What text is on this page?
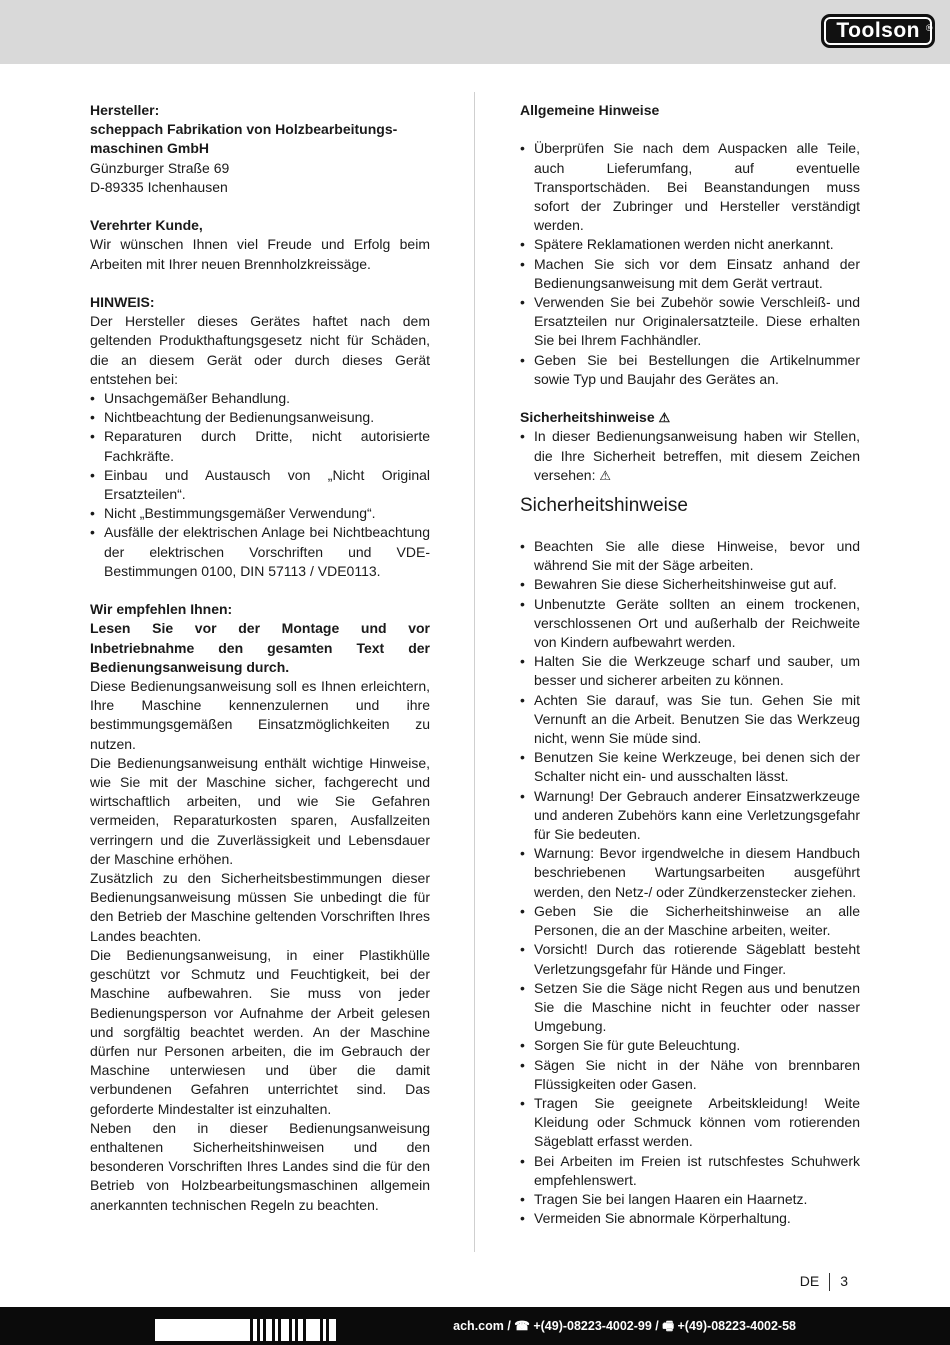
Toolson ®

Hersteller:

scheppach Fabrikation von Holzbearbeitungs-maschinen GmbH

Günzburger Straße 69

D-89335 Ichenhausen

Verehrter Kunde,

Wir wünschen Ihnen viel Freude und Erfolg beim Arbeiten mit Ihrer neuen Brennholzkreissäge.

HINWEIS:

Der Hersteller dieses Gerätes haftet nach dem geltenden Produkthaftungsgesetz nicht für Schäden, die an diesem Gerät oder durch dieses Gerät entstehen bei:

• Unsachgemäßer Behandlung.
• Nichtbeachtung der Bedienungsanweisung.
• Reparaturen durch Dritte, nicht autorisierte Fachkräfte.
• Einbau und Austausch von „Nicht Original Ersatzteilen“.
• Nicht „Bestimmungsgemäßer Verwendung“.
• Ausfälle der elektrischen Anlage bei Nichtbeachtung der elektrischen Vorschriften und VDE-Bestimmungen 0100, DIN 57113 / VDE0113.

Wir empfehlen Ihnen:

Lesen Sie vor der Montage und vor Inbetriebnahme den gesamten Text der Bedienungsanweisung durch.

Diese Bedienungsanweisung soll es Ihnen erleichtern, Ihre Maschine kennenzulernen und ihre bestimmungsgemäßen Einsatzmöglichkeiten zu nutzen.

Die Bedienungsanweisung enthält wichtige Hinweise, wie Sie mit der Maschine sicher, fachgerecht und wirtschaftlich arbeiten, und wie Sie Gefahren vermeiden, Reparaturkosten sparen, Ausfallzeiten verringern und die Zuverlässigkeit und Lebensdauer der Maschine erhöhen.

Zusätzlich zu den Sicherheitsbestimmungen dieser Bedienungsanweisung müssen Sie unbedingt die für den Betrieb der Maschine geltenden Vorschriften Ihres Landes beachten.

Die Bedienungsanweisung, in einer Plastikhülle geschützt vor Schmutz und Feuchtigkeit, bei der Maschine aufbewahren. Sie muss von jeder Bedienungsperson vor Aufnahme der Arbeit gelesen und sorgfältig beachtet werden. An der Maschine dürfen nur Personen arbeiten, die im Gebrauch der Maschine unterwiesen und über die damit verbundenen Gefahren unterrichtet sind. Das geforderte Mindestalter ist einzuhalten.

Neben den in dieser Bedienungsanweisung enthaltenen Sicherheitshinweisen und den besonderen Vorschriften Ihres Landes sind die für den Betrieb von Holzbearbeitungsmaschinen allgemein anerkannten technischen Regeln zu beachten.

Allgemeine Hinweise

• Überprüfen Sie nach dem Auspacken alle Teile, auch Lieferumfang, auf eventuelle Transportschäden. Bei Beanstandungen muss sofort der Zubringer und Hersteller verständigt werden.
• Spätere Reklamationen werden nicht anerkannt.
• Machen Sie sich vor dem Einsatz anhand der Bedienungsanweisung mit dem Gerät vertraut.
• Verwenden Sie bei Zubehör sowie Verschleiß- und Ersatzteilen nur Originalersatzteile. Diese erhalten Sie bei Ihrem Fachhändler.
• Geben Sie bei Bestellungen die Artikelnummer sowie Typ und Baujahr des Gerätes an.

Sicherheitshinweise ⚠

• In dieser Bedienungsanweisung haben wir Stellen, die Ihre Sicherheit betreffen, mit diesem Zeichen versehen: ⚠
Sicherheitshinweise
• Beachten Sie alle diese Hinweise, bevor und während Sie mit der Säge arbeiten.
• Bewahren Sie diese Sicherheitshinweise gut auf.
• Unbenutzte Geräte sollten an einem trockenen, verschlossenen Ort und außerhalb der Reichweite von Kindern aufbewahrt werden.
• Halten Sie die Werkzeuge scharf und sauber, um besser und sicherer arbeiten zu können.
• Achten Sie darauf, was Sie tun. Gehen Sie mit Vernunft an die Arbeit. Benutzen Sie das Werkzeug nicht, wenn Sie müde sind.
• Benutzen Sie keine Werkzeuge, bei denen sich der Schalter nicht ein- und ausschalten lässt.
• Warnung! Der Gebrauch anderer Einsatzwerkzeuge und anderen Zubehörs kann eine Verletzungsgefahr für Sie bedeuten.
• Warnung: Bevor irgendwelche in diesem Handbuch beschriebenen Wartungsarbeiten ausgeführt werden, den Netz-/ oder Zündkerzenstecker ziehen.
• Geben Sie die Sicherheitshinweise an alle Personen, die an der Maschine arbeiten, weiter.
• Vorsicht! Durch das rotierende Sägeblatt besteht Verletzungsgefahr für Hände und Finger.
• Setzen Sie die Säge nicht Regen aus und benutzen Sie die Maschine nicht in feuchter oder nasser Umgebung.
• Sorgen Sie für gute Beleuchtung.
• Sägen Sie nicht in der Nähe von brennbaren Flüssigkeiten oder Gasen.
• Tragen Sie geeignete Arbeitskleidung! Weite Kleidung oder Schmuck können vom rotierenden Sägeblatt erfasst werden.
• Bei Arbeiten im Freien ist rutschfestes Schuhwerk empfehlenswert.
• Tragen Sie bei langen Haaren ein Haarnetz.
• Vermeiden Sie abnormale Körperhaltung.
DE 3
ach.com / ☎ +(49)-08223-4002-99 / 🖷 +(49)-08223-4002-58
